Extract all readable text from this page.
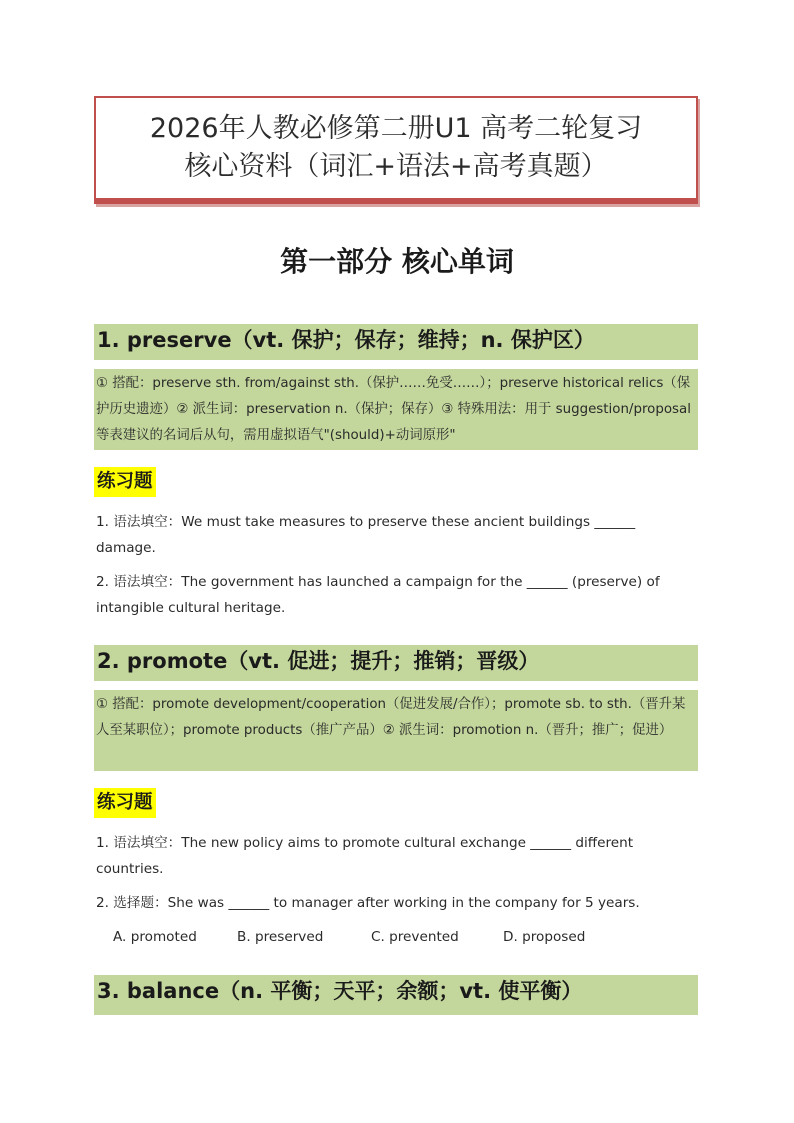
2026年人教必修第二册U1 高考二轮复习
核心资料（词汇+语法+高考真题）
第一部分 核心单词
1. preserve（vt. 保护；保存；维持；n. 保护区）
① 搭配：preserve sth. from/against sth.（保护……免受……）；preserve historical relics（保护历史遗迹）② 派生词：preservation n.（保护；保存）③ 特殊用法：用于 suggestion/proposal 等表建议的名词后从句，需用虚拟语气"(should)+动词原形"
练习题
1. 语法填空：We must take measures to preserve these ancient buildings ______ damage.
2. 语法填空：The government has launched a campaign for the ______ (preserve) of intangible cultural heritage.
2. promote（vt. 促进；提升；推销；晋级）
① 搭配：promote development/cooperation（促进发展/合作）；promote sb. to sth.（晋升某人至某职位）；promote products（推广产品）② 派生词：promotion n.（晋升；推广；促进）
练习题
1. 语法填空：The new policy aims to promote cultural exchange ______ different countries.
2. 选择题：She was ______ to manager after working in the company for 5 years.
A. promoted	B. preserved	C. prevented	D. proposed
3. balance（n. 平衡；天平；余额；vt. 使平衡）
